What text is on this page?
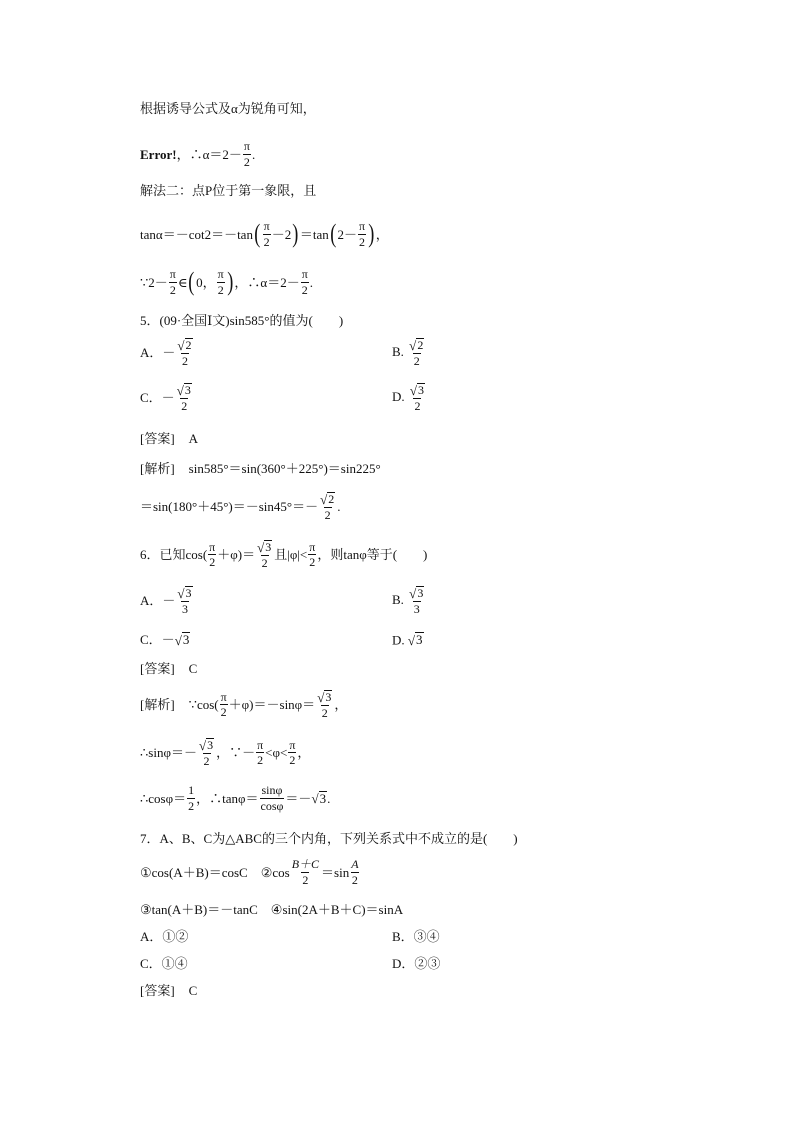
根据诱导公式及α为锐角可知，
Error! ，∴α＝2－ $\frac{\pi}{2}$ .
解法二：点P位于第一象限，且
tanα＝－cot2＝－tan ( $\frac{\pi}{2} -2$ ) ＝tan ( $2- \frac{\pi}{2}$ ) ，
∵2－ $\frac{\pi}{2}$ ∈ ( 0， $\frac{\pi}{2}$ ) ，∴α＝2－ $\frac{\pi}{2}$ .
5．(09·全国Ⅰ文)sin585°的值为(　　)
A． － $\frac{√ 2}{2}$	B. $\frac{√ 2}{2}$
C． － $\frac{√ 3}{2}$	D. $\frac{√ 3}{2}$
[答案] A
[解析] sin585°＝sin(360°＋225°)＝sin225°
$=\sin(180^\circ+45^\circ)=-\sin 45^\circ=- \frac{√ 2}{2}$ .
6．已知$\cos( \frac{\pi}{2} +\varphi)= \frac{√ 3}{2}$ 且$|\varphi|< \frac{\pi}{2}$ ，则tanφ等于(　　)
A． － $\frac{√ 3}{3}$	B. $\frac{√ 3}{3}$
C． － √ 3	D. √ 3
[答案] C
[解析] ∵cos( $\frac{\pi}{2} +\varphi)=-\sin\varphi= \frac{√ 3}{2}$ ，
∴sinφ＝－ $\frac{√ 3}{2}$ ，∵－ $\frac{\pi}{2} <\varphi< \frac{\pi}{2}$ ，
∴cosφ＝ $\frac{1}{2}$ ，∴tanφ＝ $\frac{\sin\varphi}{\cos\varphi}$ ＝－ √ 3 .
7．A、B、C为△ABC的三个内角，下列关系式中不成立的是(　　)
①cos(A＋B)＝cosC　②cos $\frac{B+C}{2} =\sin \frac{A}{2}$
③tan(A＋B)＝－tanC　④sin(2A＋B＋C)＝sinA
A．①②	B．③④
C．①④	D．②③
[答案] C
